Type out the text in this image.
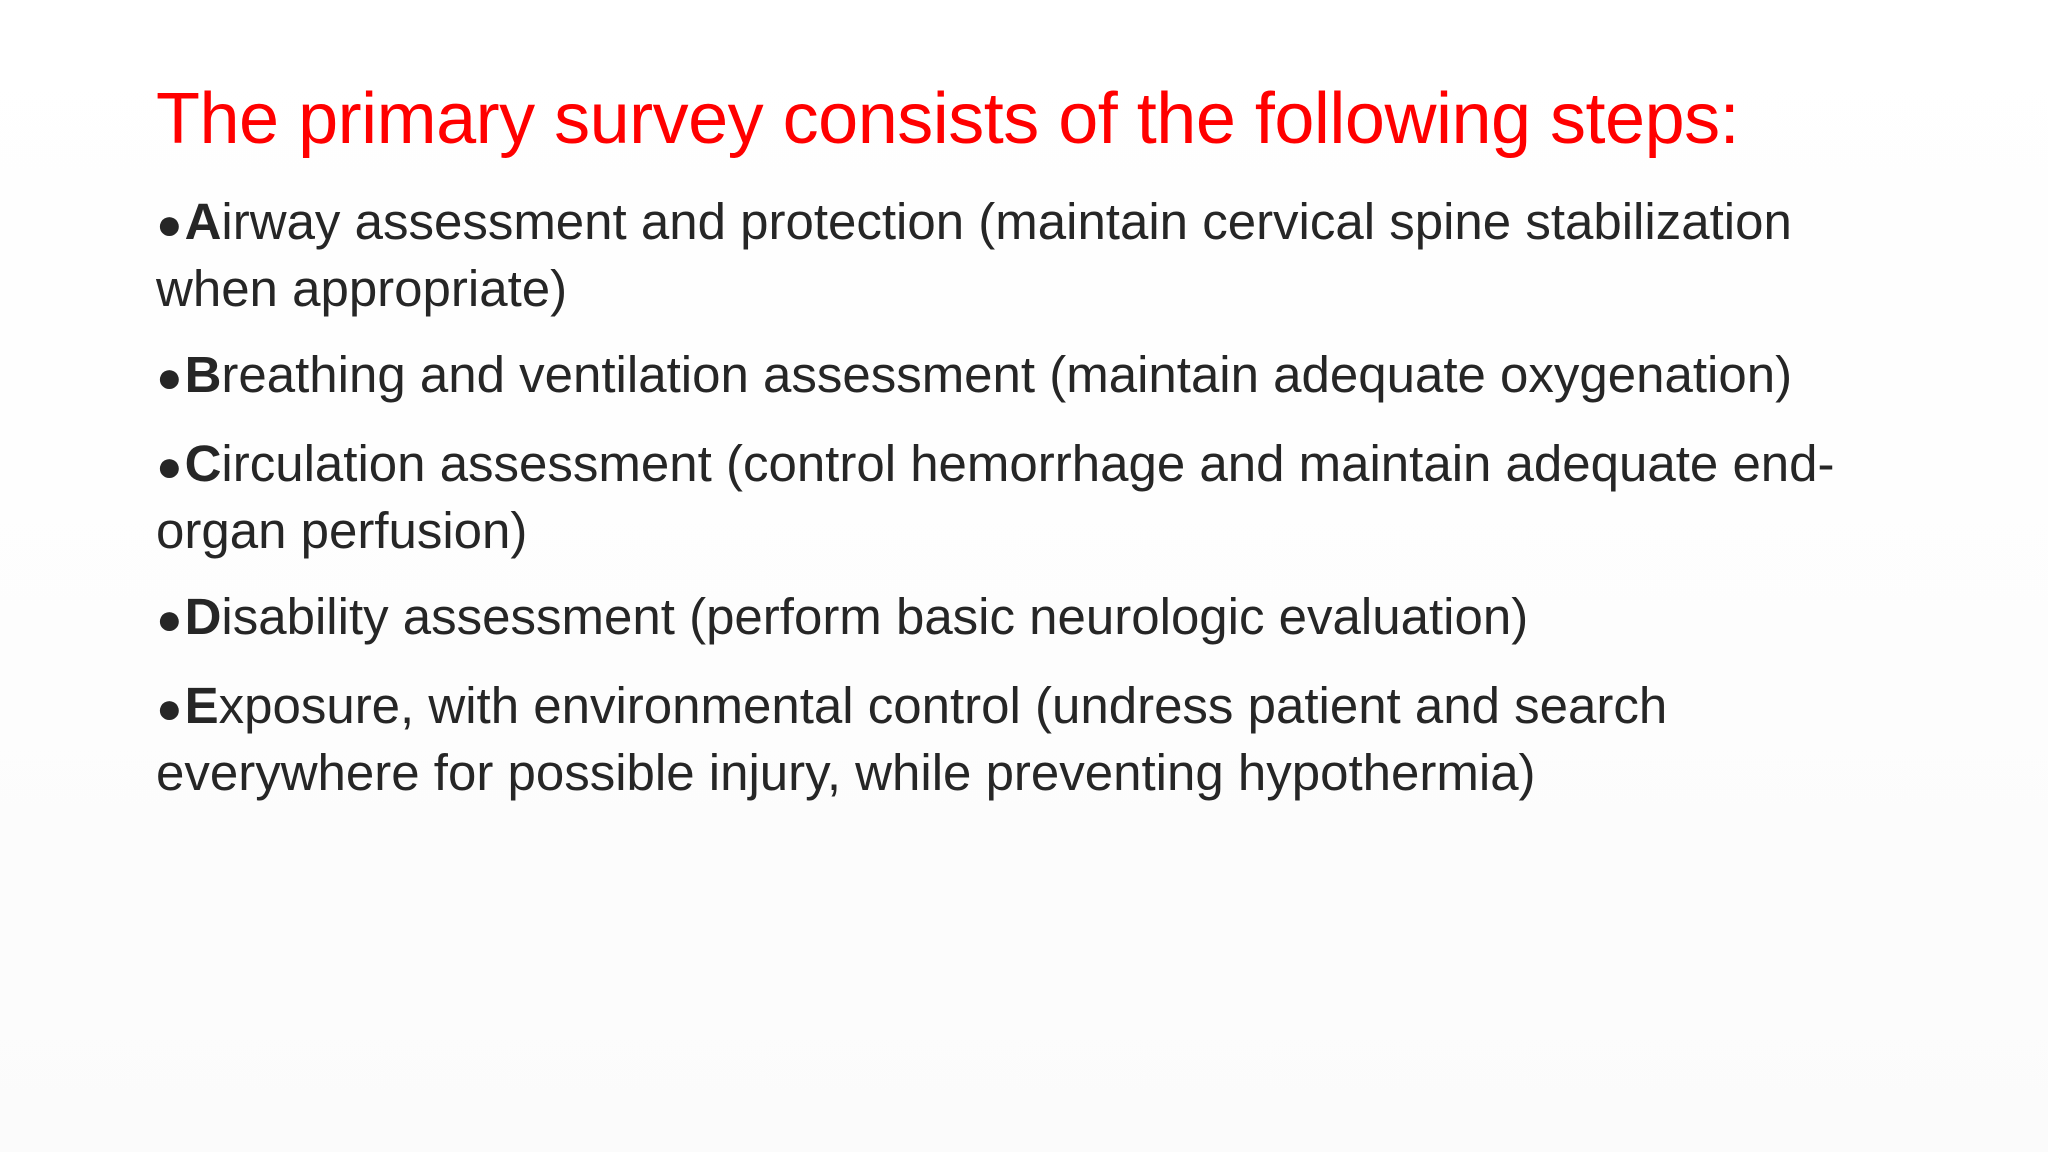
The primary survey consists of the following steps:
●Airway assessment and protection (maintain cervical spine stabilization when appropriate)
●Breathing and ventilation assessment (maintain adequate oxygenation)
●Circulation assessment (control hemorrhage and maintain adequate end-organ perfusion)
●Disability assessment (perform basic neurologic evaluation)
●Exposure, with environmental control (undress patient and search everywhere for possible injury, while preventing hypothermia)
